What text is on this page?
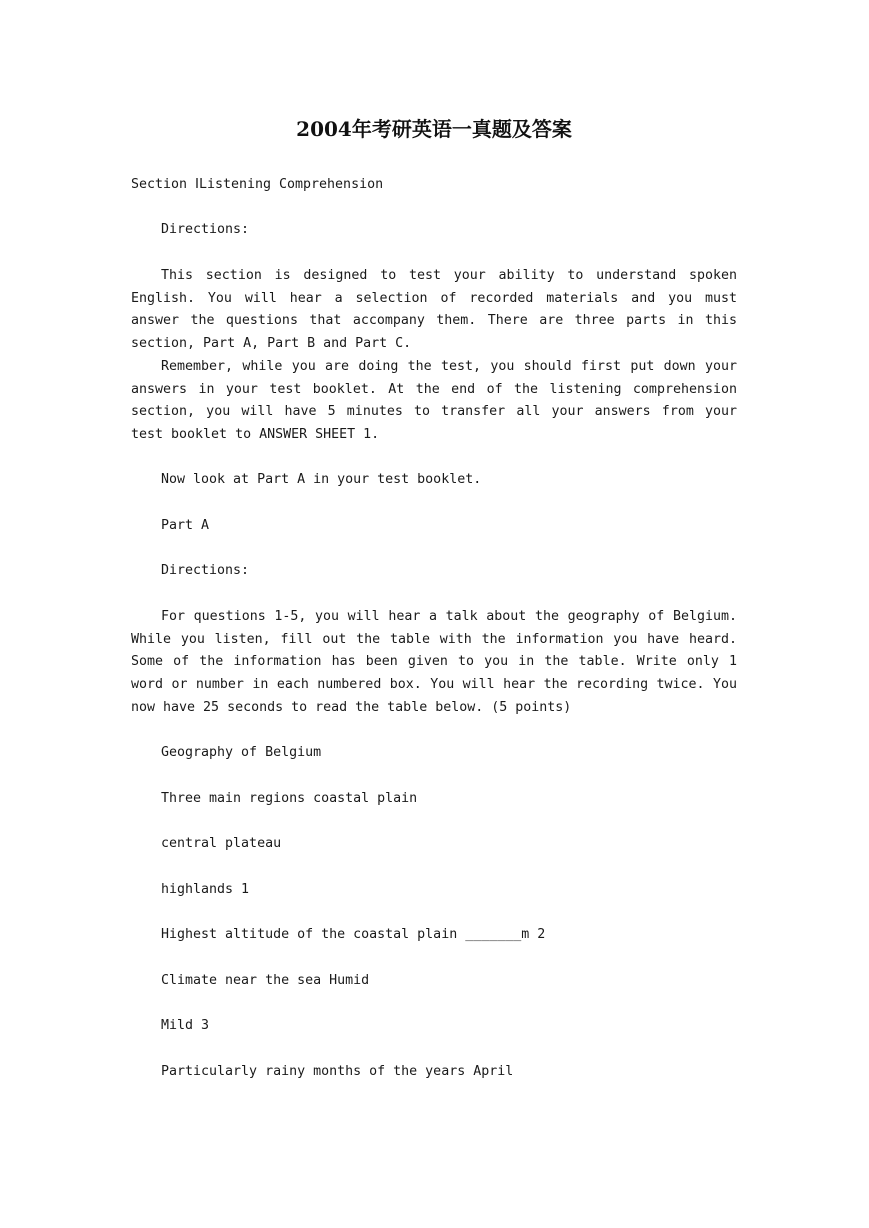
2004年考研英语一真题及答案

Section ⅠListening Comprehension

Directions:

This section is designed to test your ability to understand spoken English. You will hear a selection of recorded materials and you must answer the questions that accompany them. There are three parts in this section, Part A, Part B and Part C.

Remember, while you are doing the test, you should first put down your answers in your test booklet. At the end of the listening comprehension section, you will have 5 minutes to transfer all your answers from your test booklet to ANSWER SHEET 1.

Now look at Part A in your test booklet.

Part A

Directions:

For questions 1-5, you will hear a talk about the geography of Belgium. While you listen, fill out the table with the information you have heard. Some of the information has been given to you in the table. Write only 1 word or number in each numbered box. You will hear the recording twice. You now have 25 seconds to read the table below. (5 points)

Geography of Belgium

Three main regions coastal plain

central plateau

highlands 1

Highest altitude of the coastal plain _______m 2

Climate near the sea Humid

Mild 3

Particularly rainy months of the years April
